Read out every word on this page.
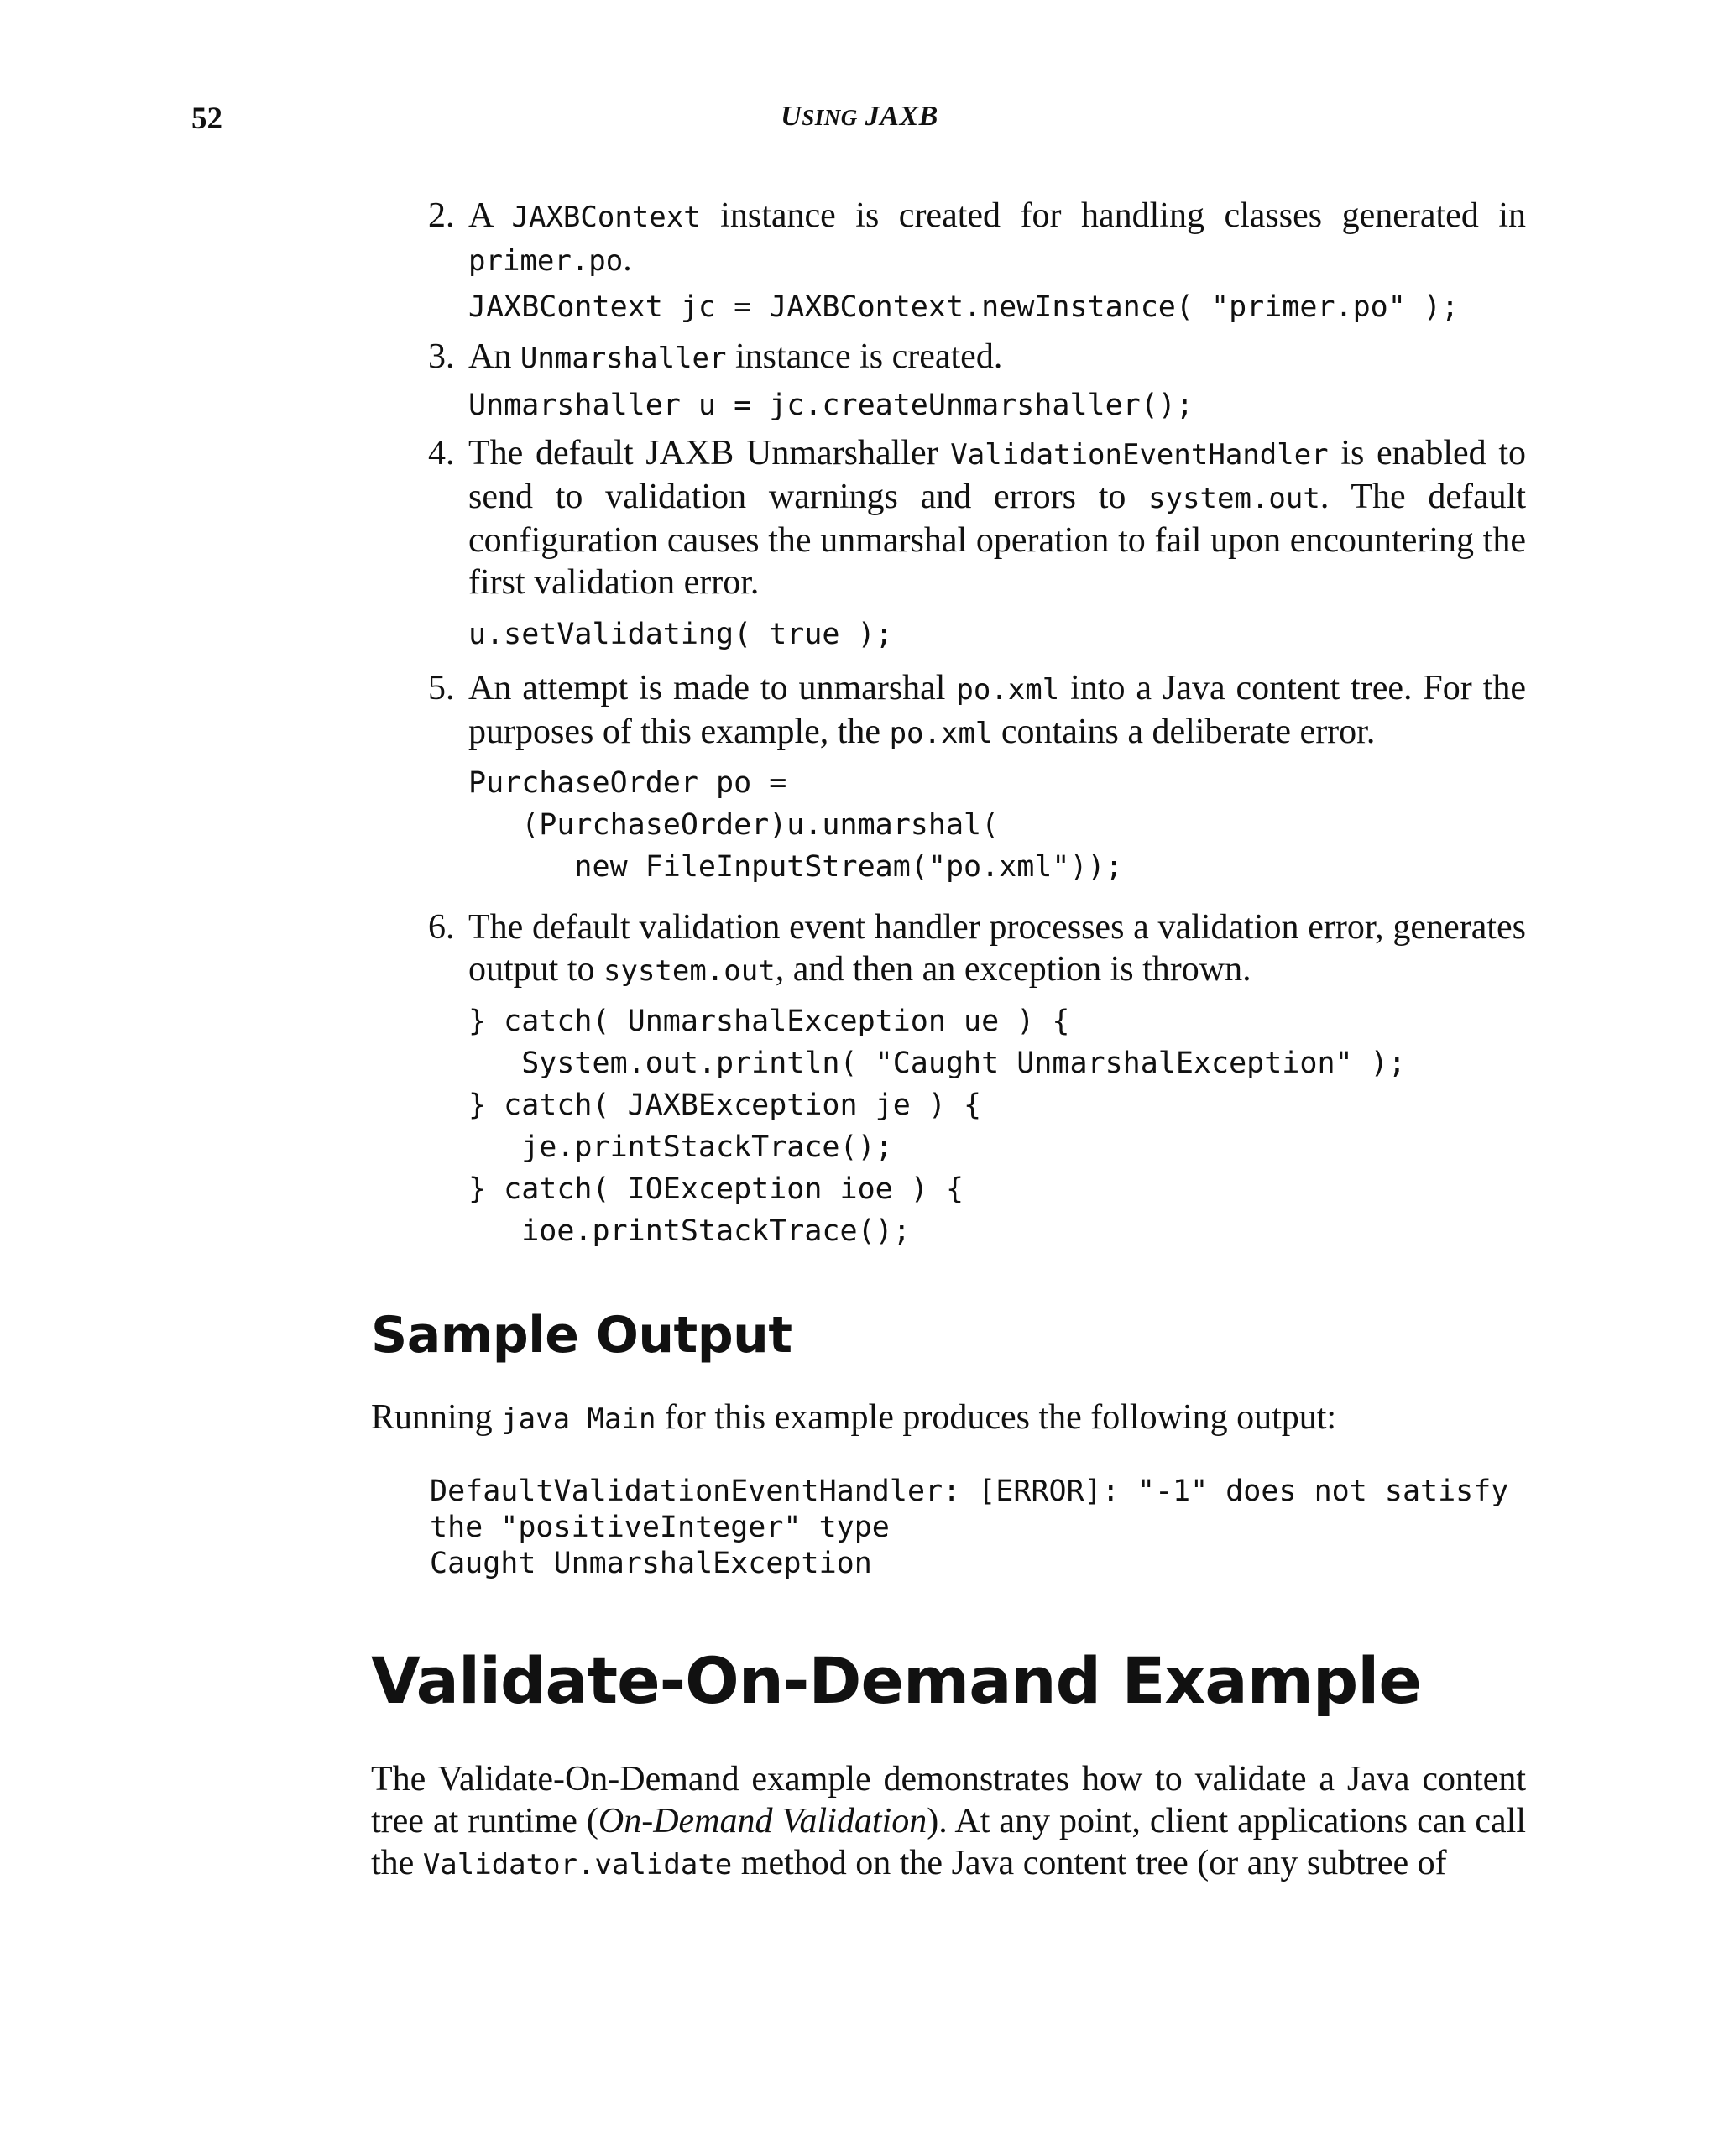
52	USING JAXB
2. A JAXBContext instance is created for handling classes generated in primer.po.
JAXBContext jc = JAXBContext.newInstance( "primer.po" );
3. An Unmarshaller instance is created.
Unmarshaller u = jc.createUnmarshaller();
4. The default JAXB Unmarshaller ValidationEventHandler is enabled to send to validation warnings and errors to system.out. The default configuration causes the unmarshal operation to fail upon encountering the first validation error.
u.setValidating( true );
5. An attempt is made to unmarshal po.xml into a Java content tree. For the purposes of this example, the po.xml contains a deliberate error.
PurchaseOrder po =
(PurchaseOrder)u.unmarshal(
new FileInputStream("po.xml"));
6. The default validation event handler processes a validation error, generates output to system.out, and then an exception is thrown.
} catch( UnmarshalException ue ) {
System.out.println( "Caught UnmarshalException" );
} catch( JAXBException je ) {
je.printStackTrace();
} catch( IOException ioe ) {
ioe.printStackTrace();
Sample Output
Running java Main for this example produces the following output:
DefaultValidationEventHandler: [ERROR]: "-1" does not satisfy
the "positiveInteger" type
Caught UnmarshalException
Validate-On-Demand Example
The Validate-On-Demand example demonstrates how to validate a Java content tree at runtime (On-Demand Validation). At any point, client applications can call the Validator.validate method on the Java content tree (or any subtree of
